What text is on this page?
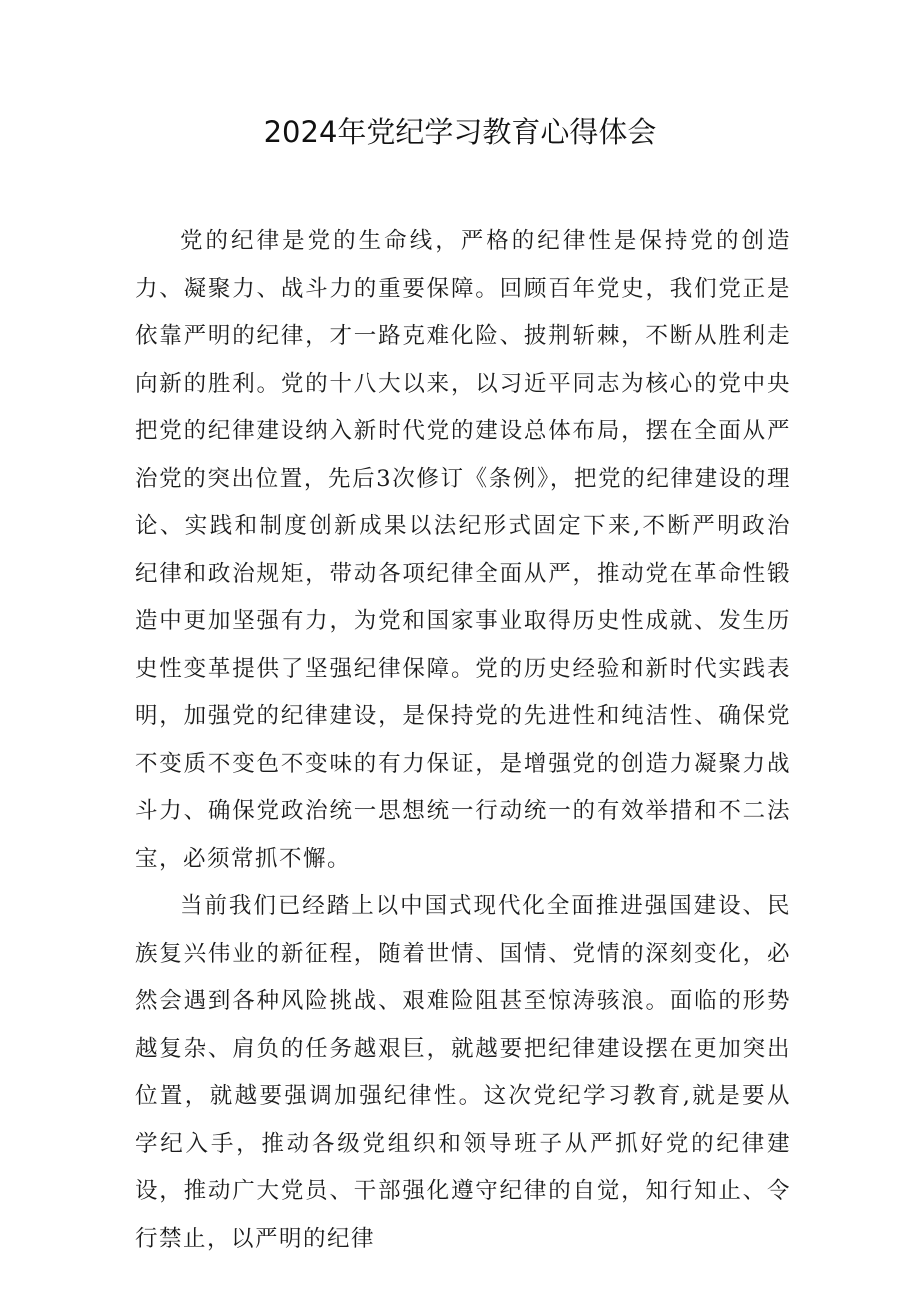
2024年党纪学习教育心得体会

党的纪律是党的生命线，严格的纪律性是保持党的创造力、凝聚力、战斗力的重要保障。回顾百年党史，我们党正是依靠严明的纪律，才一路克难化险、披荆斩棘，不断从胜利走向新的胜利。党的十八大以来，以习近平同志为核心的党中央把党的纪律建设纳入新时代党的建设总体布局，摆在全面从严治党的突出位置，先后3次修订《条例》，把党的纪律建设的理论、实践和制度创新成果以法纪形式固定下来,不断严明政治纪律和政治规矩，带动各项纪律全面从严，推动党在革命性锻造中更加坚强有力，为党和国家事业取得历史性成就、发生历史性变革提供了坚强纪律保障。党的历史经验和新时代实践表明，加强党的纪律建设，是保持党的先进性和纯洁性、确保党不变质不变色不变味的有力保证，是增强党的创造力凝聚力战斗力、确保党政治统一思想统一行动统一的有效举措和不二法宝，必须常抓不懈。

当前我们已经踏上以中国式现代化全面推进强国建设、民族复兴伟业的新征程，随着世情、国情、党情的深刻变化，必然会遇到各种风险挑战、艰难险阻甚至惊涛骇浪。面临的形势越复杂、肩负的任务越艰巨，就越要把纪律建设摆在更加突出位置，就越要强调加强纪律性。这次党纪学习教育,就是要从学纪入手，推动各级党组织和领导班子从严抓好党的纪律建设，推动广大党员、干部强化遵守纪律的自觉，知行知止、令行禁止，以严明的纪律
